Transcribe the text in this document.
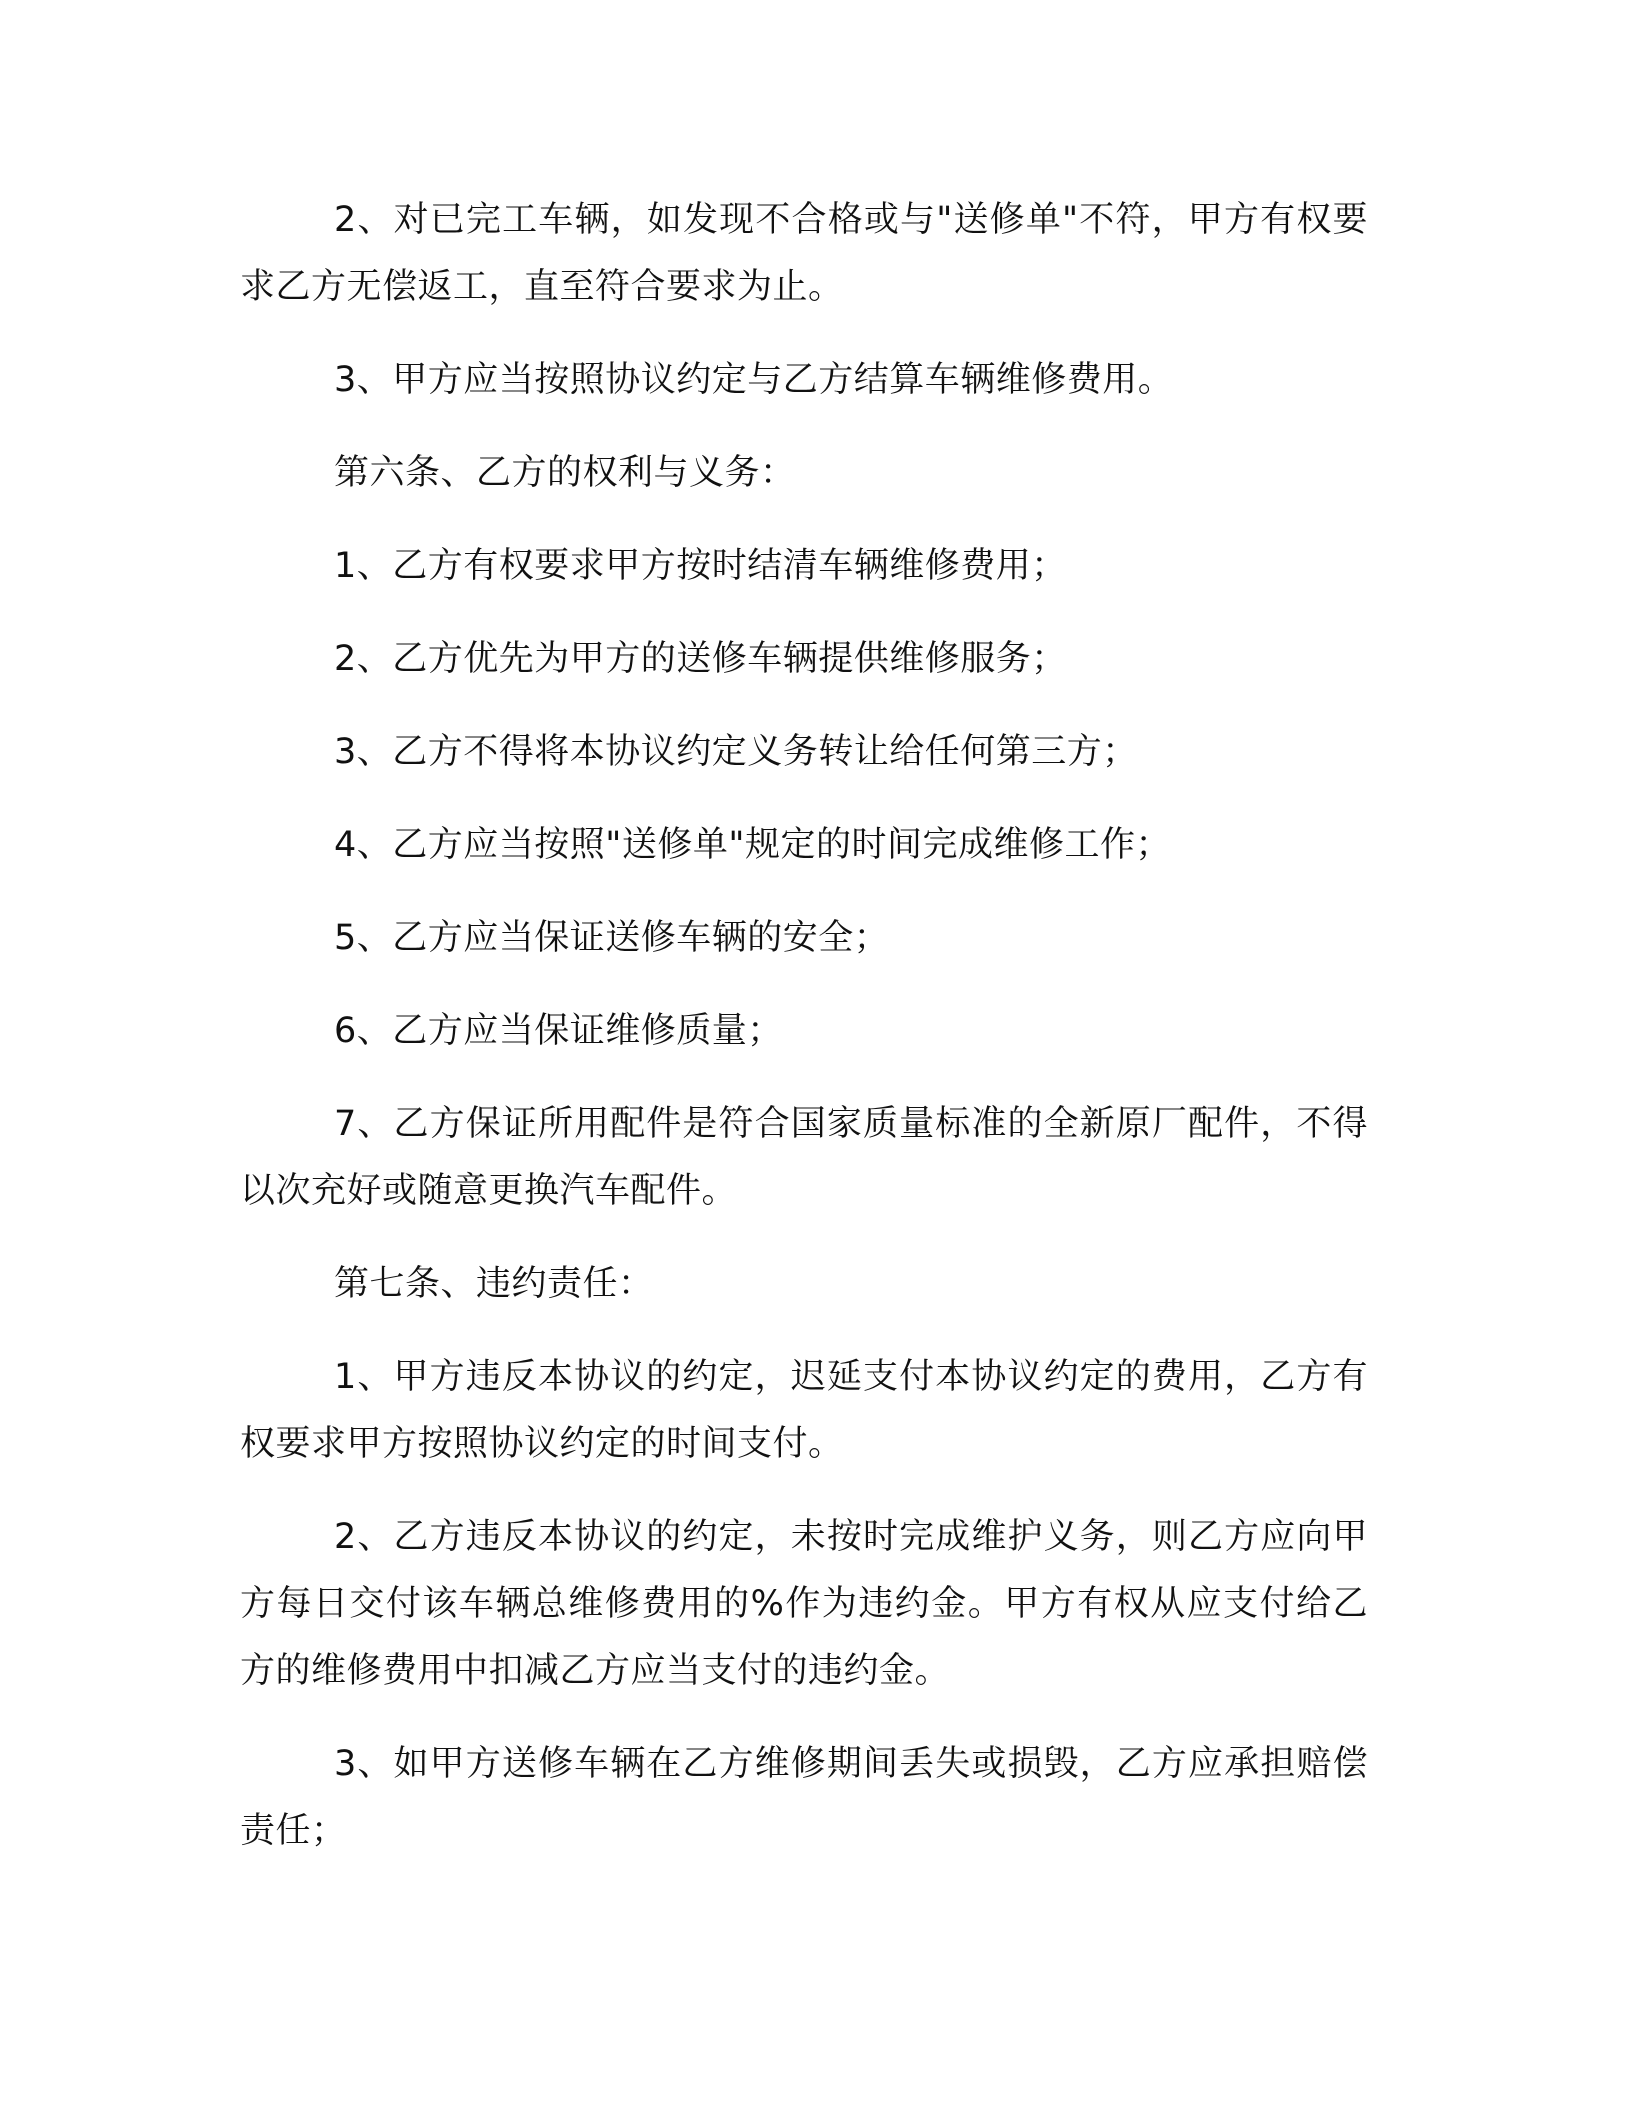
2、对已完工车辆，如发现不合格或与"送修单"不符，甲方有权要求乙方无偿返工，直至符合要求为止。

3、甲方应当按照协议约定与乙方结算车辆维修费用。

第六条、乙方的权利与义务：

1、乙方有权要求甲方按时结清车辆维修费用；

2、乙方优先为甲方的送修车辆提供维修服务；

3、乙方不得将本协议约定义务转让给任何第三方；

4、乙方应当按照"送修单"规定的时间完成维修工作；

5、乙方应当保证送修车辆的安全；

6、乙方应当保证维修质量；

7、乙方保证所用配件是符合国家质量标准的全新原厂配件，不得以次充好或随意更换汽车配件。

第七条、违约责任：

1、甲方违反本协议的约定，迟延支付本协议约定的费用，乙方有权要求甲方按照协议约定的时间支付。

2、乙方违反本协议的约定，未按时完成维护义务，则乙方应向甲方每日交付该车辆总维修费用的%作为违约金。甲方有权从应支付给乙方的维修费用中扣减乙方应当支付的违约金。

3、如甲方送修车辆在乙方维修期间丢失或损毁，乙方应承担赔偿责任；
